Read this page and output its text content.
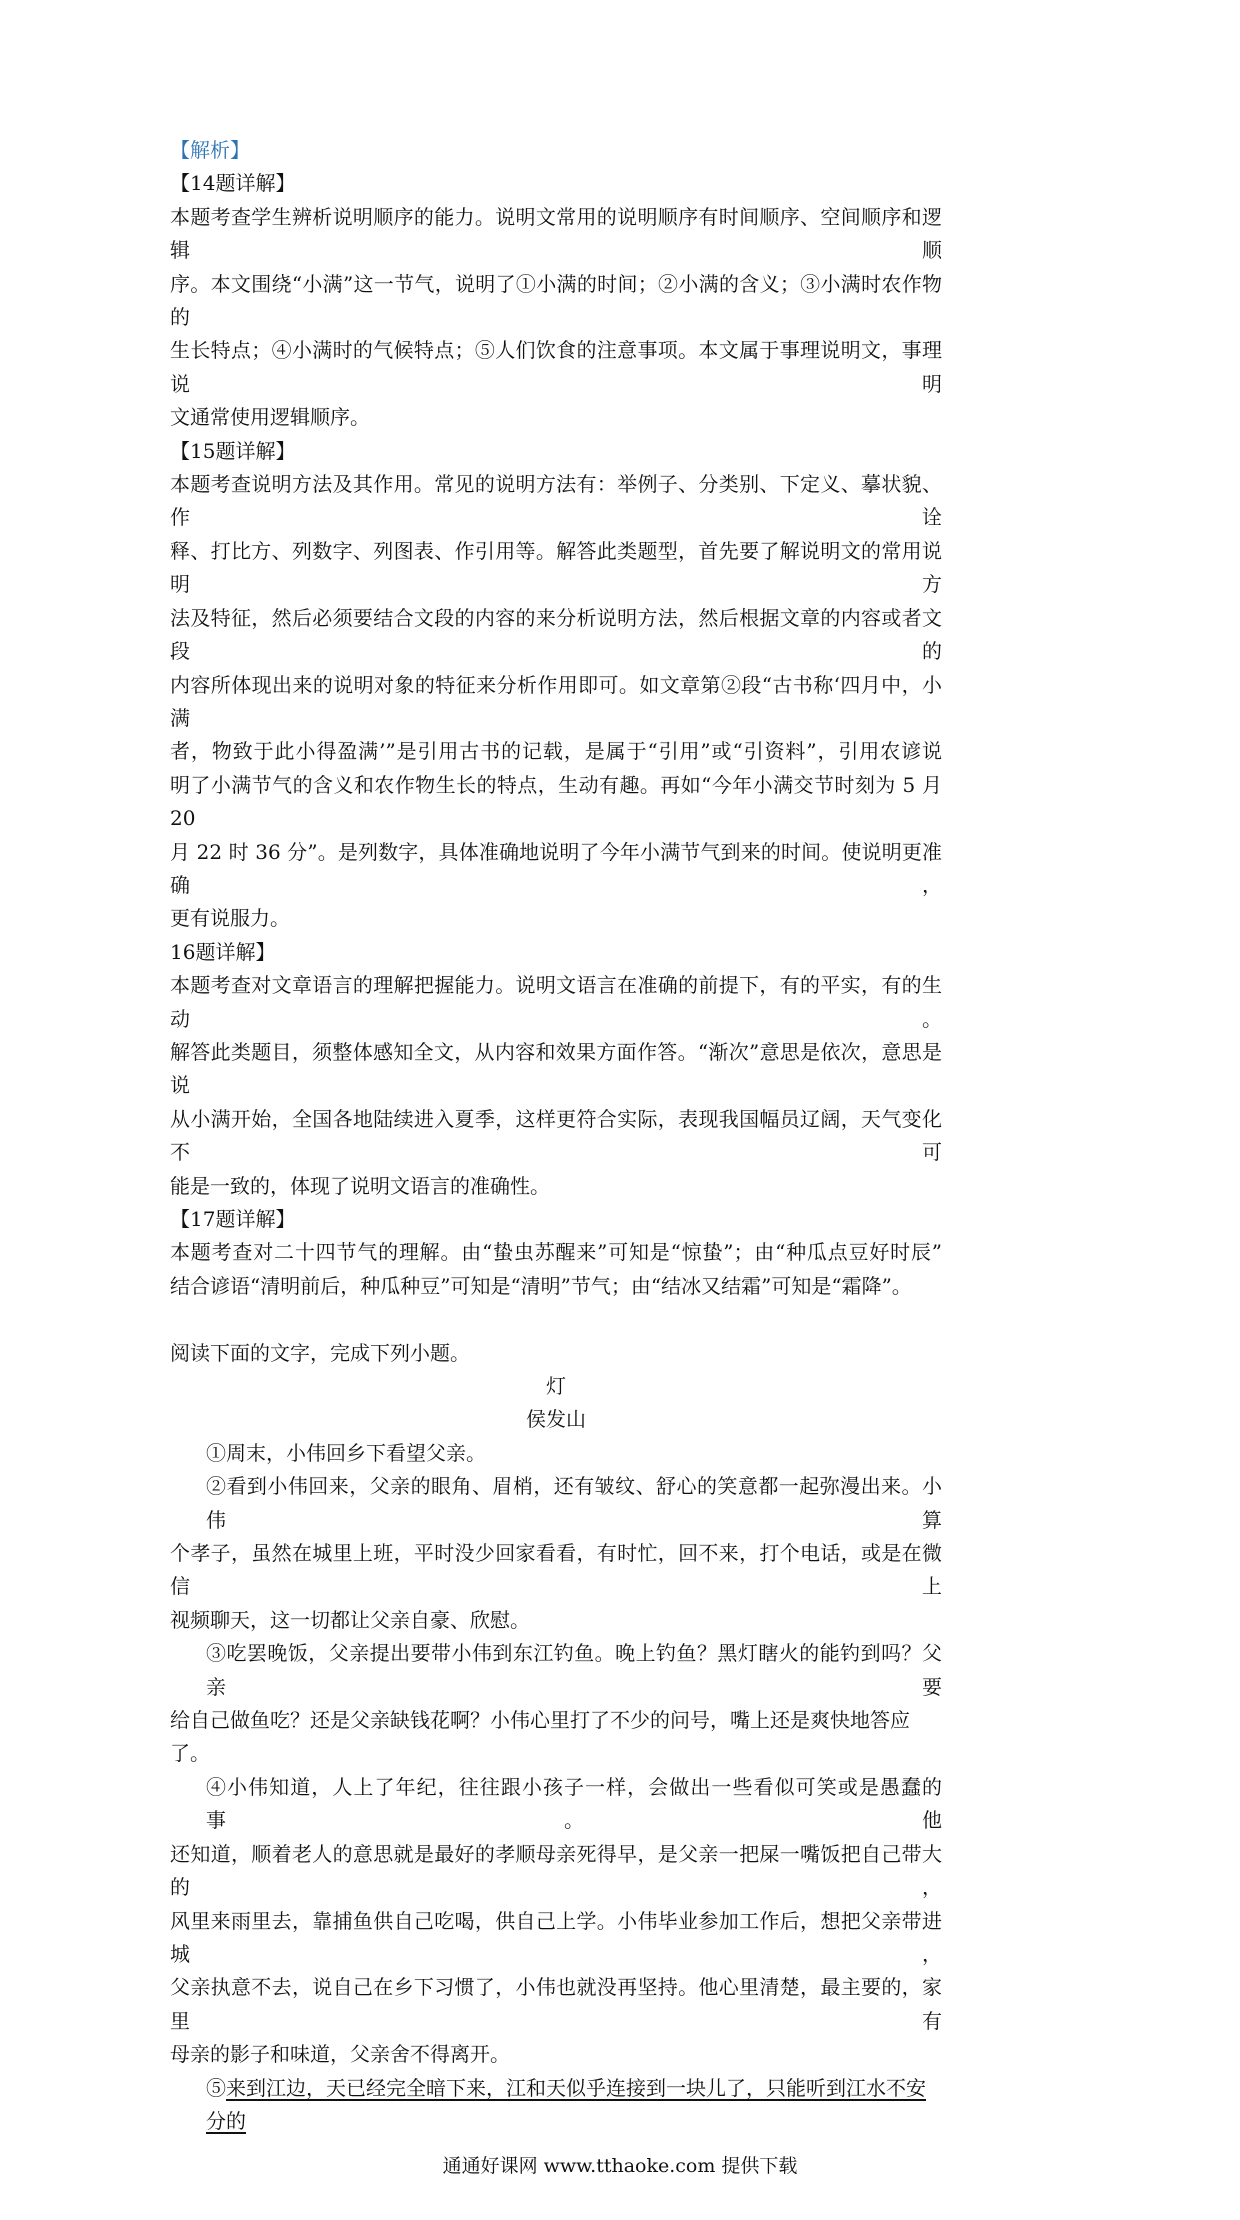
【解析】
【14题详解】
本题考查学生辨析说明顺序的能力。说明文常用的说明顺序有时间顺序、空间顺序和逻辑顺
序。本文围绕“小满”这一节气，说明了①小满的时间；②小满的含义；③小满时农作物的
生长特点；④小满时的气候特点；⑤人们饮食的注意事项。本文属于事理说明文，事理说明
文通常使用逻辑顺序。
【15题详解】
本题考查说明方法及其作用。常见的说明方法有：举例子、分类别、下定义、摹状貌、作诠
释、打比方、列数字、列图表、作引用等。解答此类题型，首先要了解说明文的常用说明方
法及特征，然后必须要结合文段的内容的来分析说明方法，然后根据文章的内容或者文段的
内容所体现出来的说明对象的特征来分析作用即可。如文章第②段“古书称‘四月中，小满
者，物致于此小得盈满’”是引用古书的记载，是属于“引用”或“引资料”，引用农谚说
明了小满节气的含义和农作物生长的特点，生动有趣。再如“今年小满交节时刻为 5 月 20
月 22 时 36 分”。是列数字，具体准确地说明了今年小满节气到来的时间。使说明更准确，
更有说服力。
16题详解】
本题考查对文章语言的理解把握能力。说明文语言在准确的前提下，有的平实，有的生动。
解答此类题目，须整体感知全文，从内容和效果方面作答。“渐次”意思是依次，意思是说
从小满开始，全国各地陆续进入夏季，这样更符合实际，表现我国幅员辽阔，天气变化不可
能是一致的，体现了说明文语言的准确性。
【17题详解】
本题考查对二十四节气的理解。由“蛰虫苏醒来”可知是“惊蛰”；由“种瓜点豆好时辰”
结合谚语“清明前后，种瓜种豆”可知是“清明”节气；由“结冰又结霜”可知是“霜降”。
阅读下面的文字，完成下列小题。
灯
侯发山
①周末，小伟回乡下看望父亲。
②看到小伟回来，父亲的眼角、眉梢，还有皱纹、舒心的笑意都一起弥漫出来。小伟算
个孝子，虽然在城里上班，平时没少回家看看，有时忙，回不来，打个电话，或是在微信上
视频聊天，这一切都让父亲自豪、欣慰。
③吃罢晚饭，父亲提出要带小伟到东江钓鱼。晚上钓鱼？黑灯瞎火的能钓到吗？父亲要
给自己做鱼吃？还是父亲缺钱花啊？小伟心里打了不少的问号，嘴上还是爽快地答应了。
④小伟知道，人上了年纪，往往跟小孩子一样，会做出一些看似可笑或是愚蠢的事。他
还知道，顺着老人的意思就是最好的孝顺母亲死得早，是父亲一把屎一嘴饭把自己带大的，
风里来雨里去，靠捕鱼供自己吃喝，供自己上学。小伟毕业参加工作后，想把父亲带进城，
父亲执意不去，说自己在乡下习惯了，小伟也就没再坚持。他心里清楚，最主要的，家里有
母亲的影子和味道，父亲舍不得离开。
⑤来到江边，天已经完全暗下来，江和天似乎连接到一块儿了，只能听到江水不安分的
通通好课网 www.tthaoke.com 提供下载
